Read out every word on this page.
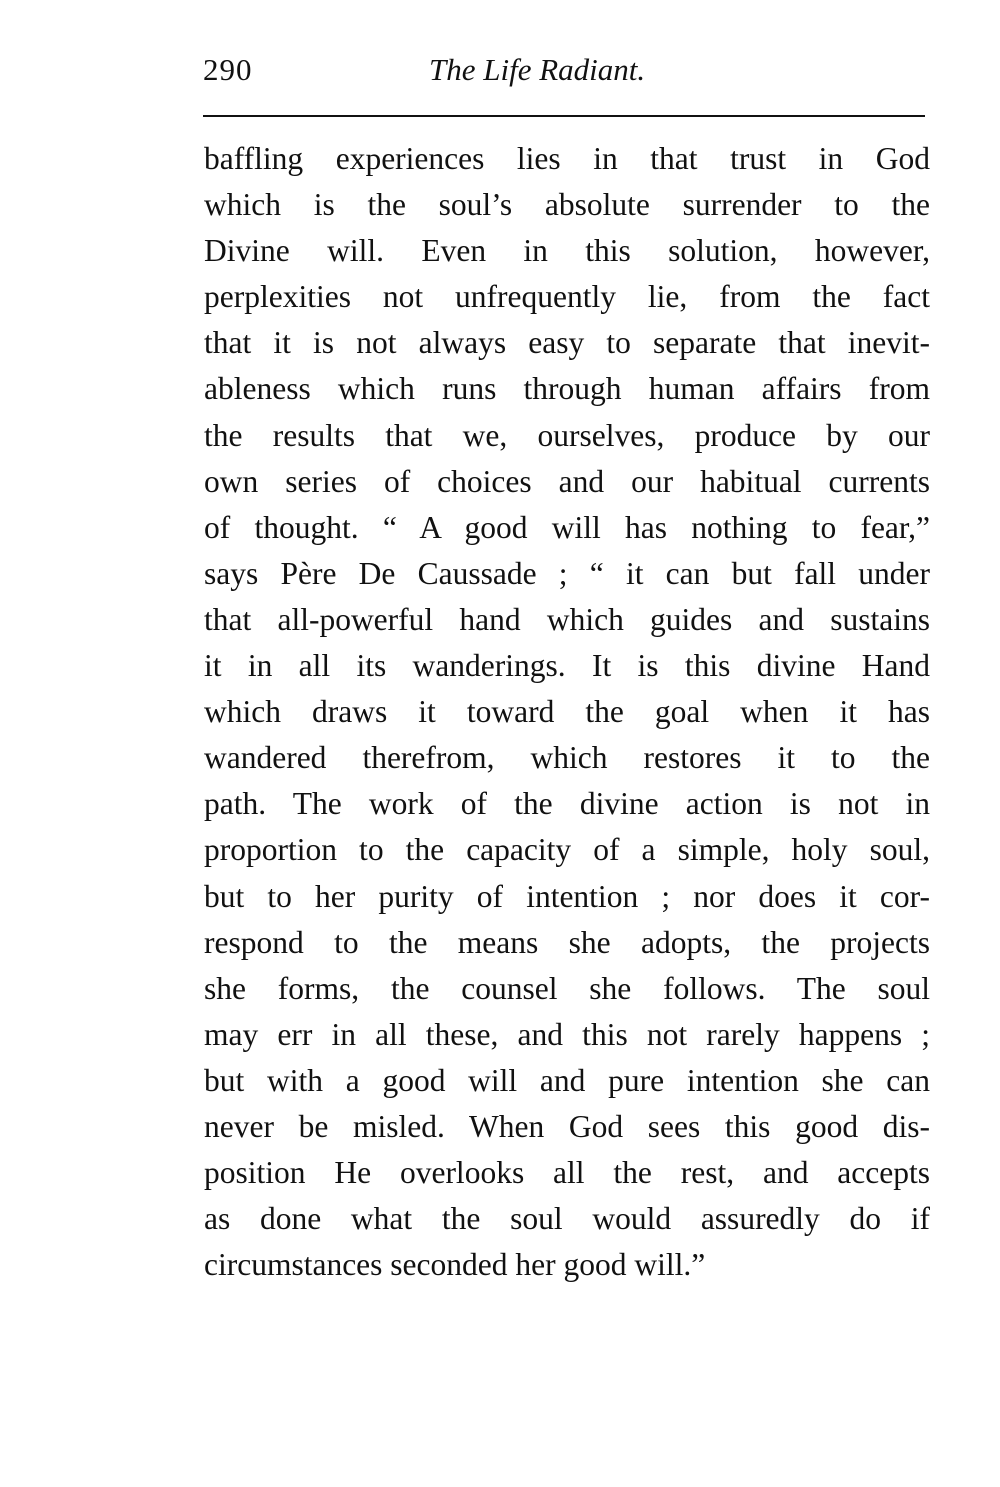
290	The Life Radiant.
baffling experiences lies in that trust in God
which is the soul’s absolute surrender to the
Divine will. Even in this solution, however,
perplexities not unfrequently lie, from the fact
that it is not always easy to separate that inevit-
ableness which runs through human affairs from
the results that we, ourselves, produce by our
own series of choices and our habitual currents
of thought. “ A good will has nothing to fear,”
says Père De Caussade ; “ it can but fall under
that all-powerful hand which guides and sustains
it in all its wanderings. It is this divine Hand
which draws it toward the goal when it has
wandered therefrom, which restores it to the
path. The work of the divine action is not in
proportion to the capacity of a simple, holy soul,
but to her purity of intention ; nor does it cor-
respond to the means she adopts, the projects
she forms, the counsel she follows. The soul
may err in all these, and this not rarely happens ;
but with a good will and pure intention she can
never be misled. When God sees this good dis-
position He overlooks all the rest, and accepts
as done what the soul would assuredly do if
circumstances seconded her good will.”
